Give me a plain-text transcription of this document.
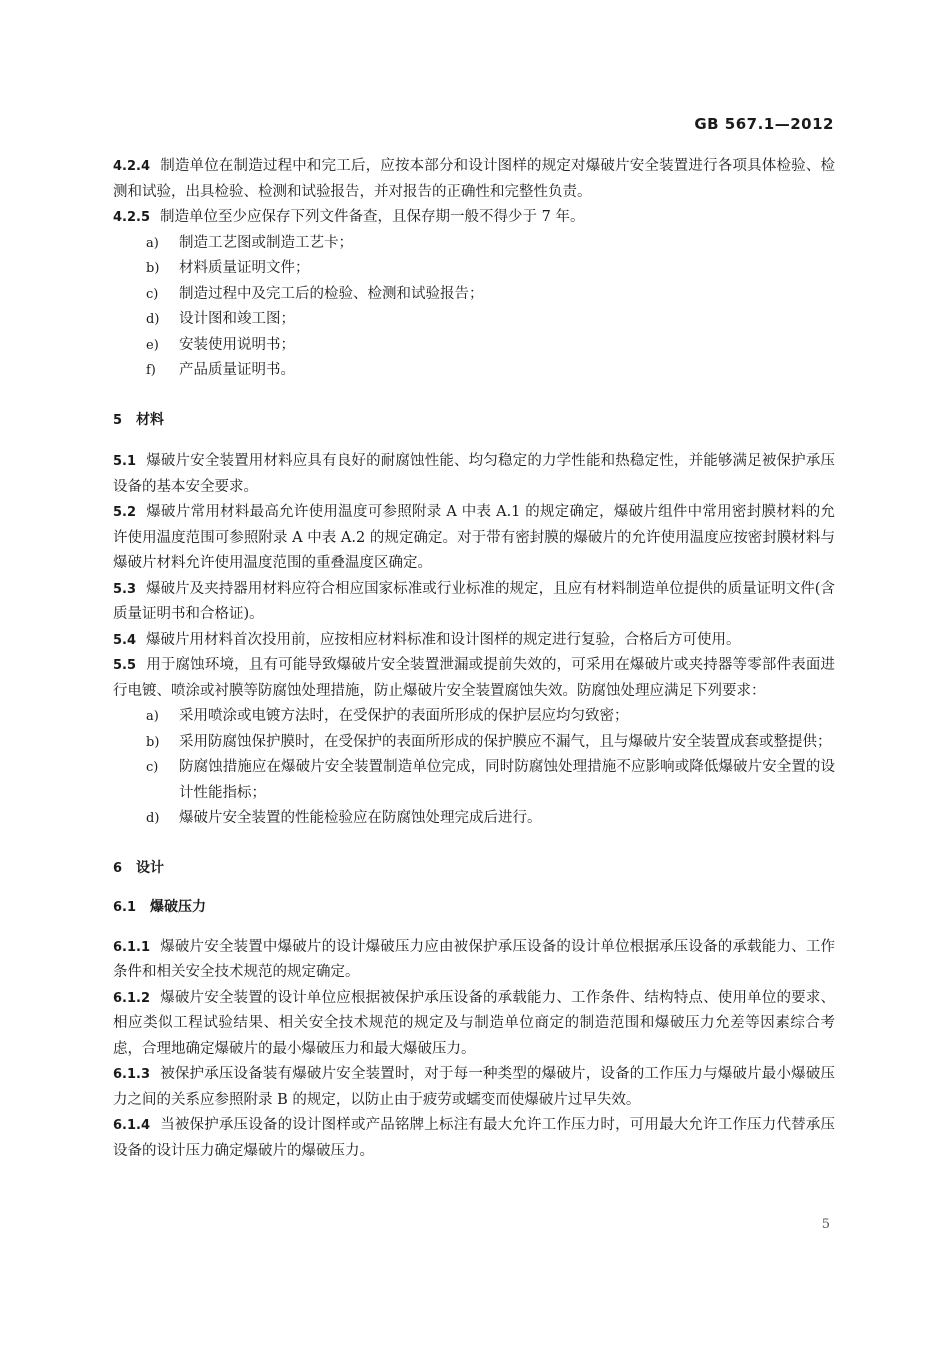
GB 567.1—2012

4.2.4 制造单位在制造过程中和完工后，应按本部分和设计图样的规定对爆破片安全装置进行各项具体检验、检测和试验，出具检验、检测和试验报告，并对报告的正确性和完整性负责。

4.2.5 制造单位至少应保存下列文件备查，且保存期一般不得少于 7 年。

a) 制造工艺图或制造工艺卡；
b) 材料质量证明文件；
c) 制造过程中及完工后的检验、检测和试验报告；
d) 设计图和竣工图；
e) 安装使用说明书；
f) 产品质量证明书。
5 材料

5.1 爆破片安全装置用材料应具有良好的耐腐蚀性能、均匀稳定的力学性能和热稳定性，并能够满足被保护承压设备的基本安全要求。

5.2 爆破片常用材料最高允许使用温度可参照附录 A 中表 A.1 的规定确定，爆破片组件中常用密封膜材料的允许使用温度范围可参照附录 A 中表 A.2 的规定确定。对于带有密封膜的爆破片的允许使用温度应按密封膜材料与爆破片材料允许使用温度范围的重叠温度区确定。

5.3 爆破片及夹持器用材料应符合相应国家标准或行业标准的规定，且应有材料制造单位提供的质量证明文件(含质量证明书和合格证)。

5.4 爆破片用材料首次投用前，应按相应材料标准和设计图样的规定进行复验，合格后方可使用。

5.5 用于腐蚀环境，且有可能导致爆破片安全装置泄漏或提前失效的，可采用在爆破片或夹持器等零部件表面进行电镀、喷涂或衬膜等防腐蚀处理措施，防止爆破片安全装置腐蚀失效。防腐蚀处理应满足下列要求：

a) 采用喷涂或电镀方法时，在受保护的表面所形成的保护层应均匀致密；
b) 采用防腐蚀保护膜时，在受保护的表面所形成的保护膜应不漏气，且与爆破片安全装置成套或整提供；
c) 防腐蚀措施应在爆破片安全装置制造单位完成，同时防腐蚀处理措施不应影响或降低爆破片安全置的设计性能指标；
d) 爆破片安全装置的性能检验应在防腐蚀处理完成后进行。
6 设计
6.1 爆破压力

6.1.1 爆破片安全装置中爆破片的设计爆破压力应由被保护承压设备的设计单位根据承压设备的承载能力、工作条件和相关安全技术规范的规定确定。

6.1.2 爆破片安全装置的设计单位应根据被保护承压设备的承载能力、工作条件、结构特点、使用单位的要求、相应类似工程试验结果、相关安全技术规范的规定及与制造单位商定的制造范围和爆破压力允差等因素综合考虑，合理地确定爆破片的最小爆破压力和最大爆破压力。

6.1.3 被保护承压设备装有爆破片安全装置时，对于每一种类型的爆破片，设备的工作压力与爆破片最小爆破压力之间的关系应参照附录 B 的规定，以防止由于疲劳或蠕变而使爆破片过早失效。

6.1.4 当被保护承压设备的设计图样或产品铭牌上标注有最大允许工作压力时，可用最大允许工作压力代替承压设备的设计压力确定爆破片的爆破压力。

5
